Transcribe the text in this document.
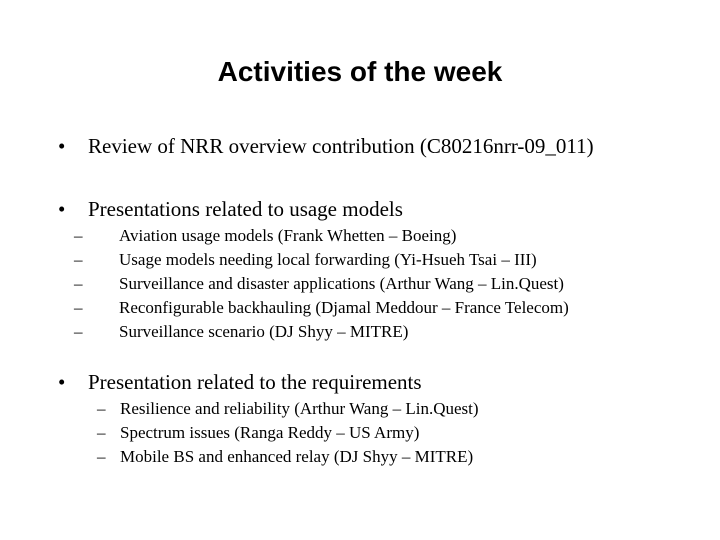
Activities of the week
• Review of NRR overview contribution (C80216nrr-09_011)
• Presentations related to usage models
–	Aviation usage models (Frank Whetten – Boeing)
–	Usage models needing local forwarding (Yi-Hsueh Tsai – III)
–	Surveillance and disaster applications (Arthur Wang – Lin.Quest)
–	Reconfigurable backhauling (Djamal Meddour – France Telecom)
–	Surveillance scenario (DJ Shyy – MITRE)
• Presentation related to the requirements
– Resilience and reliability (Arthur Wang – Lin.Quest)
– Spectrum issues (Ranga Reddy – US Army)
– Mobile BS and enhanced relay (DJ Shyy – MITRE)
